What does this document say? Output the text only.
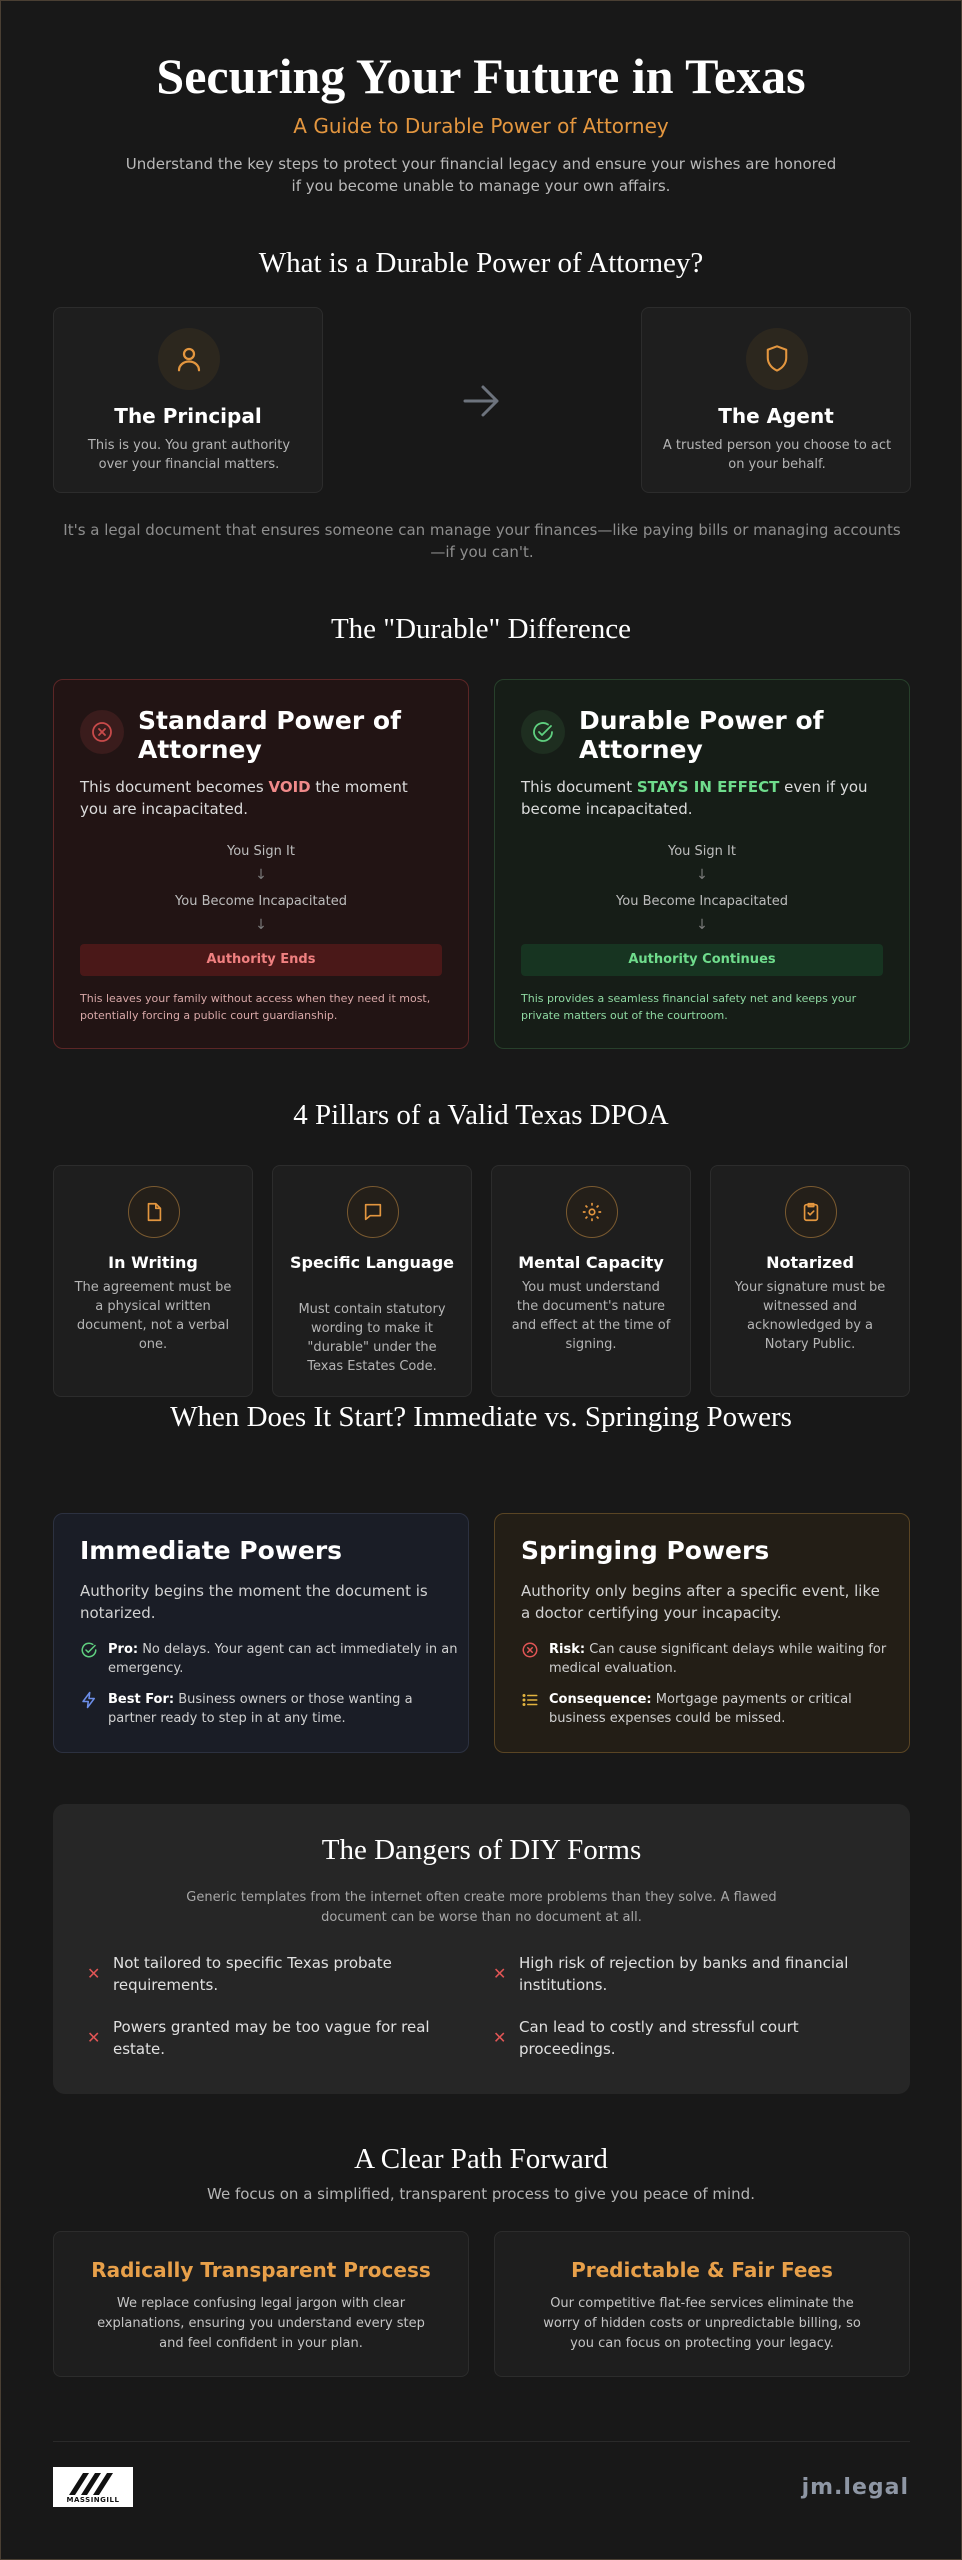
Securing Your Future in Texas
A Guide to Durable Power of Attorney
Understand the key steps to protect your financial legacy and ensure your wishes are honored if you become unable to manage your own affairs.
What is a Durable Power of Attorney?
The Principal
This is you. You grant authority over your financial matters.
The Agent
A trusted person you choose to act on your behalf.
It's a legal document that ensures someone can manage your finances—like paying bills or managing accounts—if you can't.
The "Durable" Difference
Standard Power of Attorney
This document becomes VOID the moment you are incapacitated.
You Sign It
↓
You Become Incapacitated
↓
Authority Ends
This leaves your family without access when they need it most, potentially forcing a public court guardianship.
Durable Power of Attorney
This document STAYS IN EFFECT even if you become incapacitated.
You Sign It
↓
You Become Incapacitated
↓
Authority Continues
This provides a seamless financial safety net and keeps your private matters out of the courtroom.
4 Pillars of a Valid Texas DPOA
In Writing
The agreement must be a physical written document, not a verbal one.
Specific Language
Must contain statutory wording to make it "durable" under the Texas Estates Code.
Mental Capacity
You must understand the document's nature and effect at the time of signing.
Notarized
Your signature must be witnessed and acknowledged by a Notary Public.
When Does It Start? Immediate vs. Springing Powers
Immediate Powers
Authority begins the moment the document is notarized.
Pro: No delays. Your agent can act immediately in an emergency.
Best For: Business owners or those wanting a partner ready to step in at any time.
Springing Powers
Authority only begins after a specific event, like a doctor certifying your incapacity.
Risk: Can cause significant delays while waiting for medical evaluation.
Consequence: Mortgage payments or critical business expenses could be missed.
The Dangers of DIY Forms
Generic templates from the internet often create more problems than they solve. A flawed document can be worse than no document at all.
✕
Not tailored to specific Texas probate requirements.
✕
High risk of rejection by banks and financial institutions.
✕
Powers granted may be too vague for real estate.
✕
Can lead to costly and stressful court proceedings.
A Clear Path Forward
We focus on a simplified, transparent process to give you peace of mind.
Radically Transparent Process
We replace confusing legal jargon with clear explanations, ensuring you understand every step and feel confident in your plan.
Predictable & Fair Fees
Our competitive flat-fee services eliminate the worry of hidden costs or unpredictable billing, so you can focus on protecting your legacy.
MASSINGILL	jm.legal
